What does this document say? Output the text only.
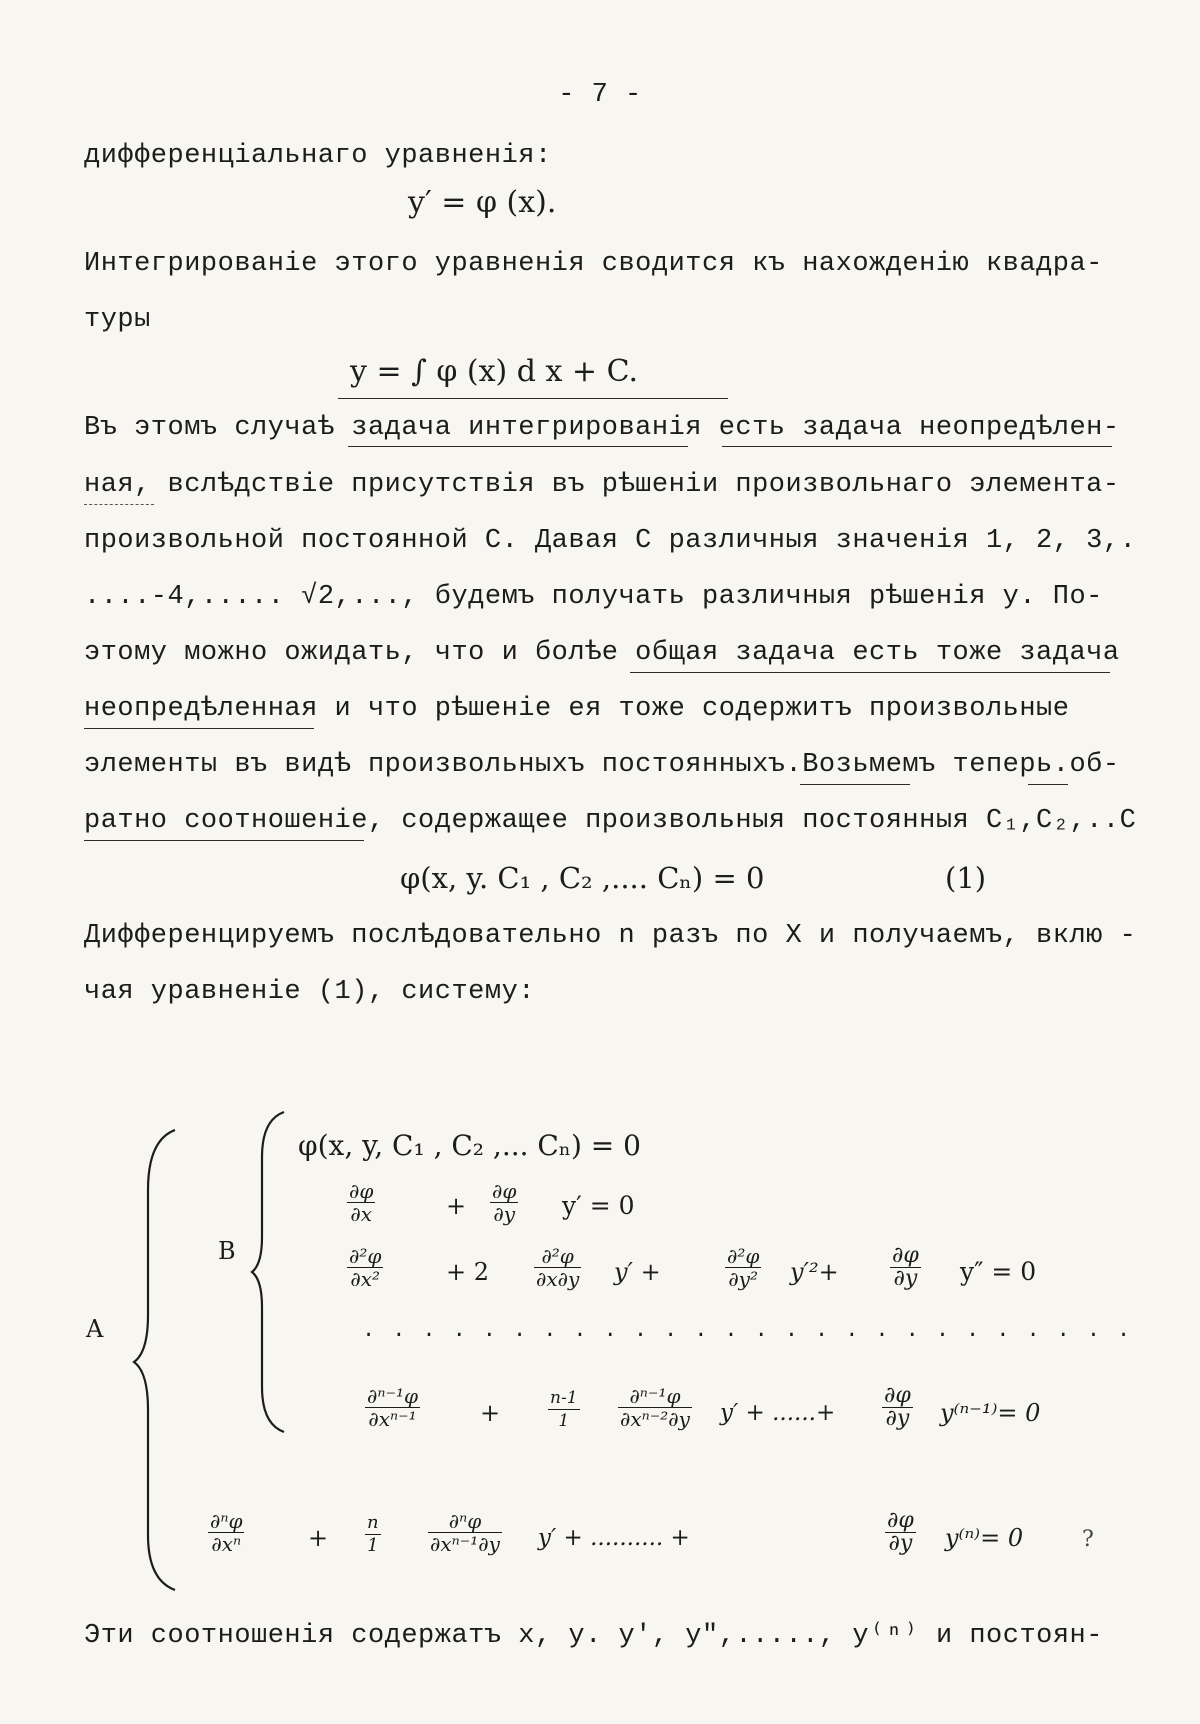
- 7 -
дифференціальнаго уравненія:
y′ = φ (x).
Интегрированіе этого уравненія сводится къ нахожденію квадра-
туры
y = ∫ φ (x) d x + C.
Въ этомъ случаѣ задача интегрированія есть задача неопредѣлен-
ная, вслѣдствіе присутствія въ рѣшеніи произвольнаго элемента-
произвольной постоянной C. Давая C различныя значенія 1, 2, 3,.
....-4,..... √2,..., будемъ получать различныя рѣшенія y. По-
этому можно ожидать, что и болѣе общая задача есть тоже задача
неопредѣленная и что рѣшеніе ея тоже содержитъ произвольные
элементы въ видѣ произвольныхъ постоянныхъ.Возьмемъ теперь.об-
ратно соотношеніе, содержащее произвольныя постоянныя C₁,C₂,..C
φ(x, y. C₁ , C₂ ,.... Cₙ) = 0	(1)
Дифференцируемъ послѣдовательно n разъ по X и получаемъ, вклю -
чая уравненіе (1), систему:
A
B
φ(x, y, C₁ , C₂ ,... Cₙ) = 0
$\frac{\partial\varphi}{\partial x}$	+ $\frac{\partial\varphi}{\partial y} y' = 0$
$\frac{\text{∂²φ}}{\text{∂x²}}$	+ $2 \frac{\text{∂²φ}}{\partial x\partial y} y'$ +	$\frac{\text{∂²φ}}{\text{∂y²}} y'^2+ \frac{\partial\varphi}{\partial y} y'' = 0$
..........................
$\frac{\text{∂ⁿ⁻¹φ}}{\text{∂xⁿ⁻¹}}$ +	$\frac{n-1}{1} \frac{\text{∂ⁿ⁻¹φ}}{\text{∂xⁿ⁻²∂y}} y'$ + ......+ $\frac{\partial\varphi}{\partial y} y^{(n-1)}= 0$
$\frac{\text{∂ⁿφ}}{\text{∂xⁿ}}$	+ $\frac{n}{1} \frac{\text{∂ⁿφ}}{\text{∂xⁿ⁻¹∂y}} y'$ + .......... +	$\frac{\partial\varphi}{\partial y} y^{(n)}= 0$	?
Эти соотношенія содержатъ x, y. y′, y″,....., y⁽ⁿ⁾ и постоян-
